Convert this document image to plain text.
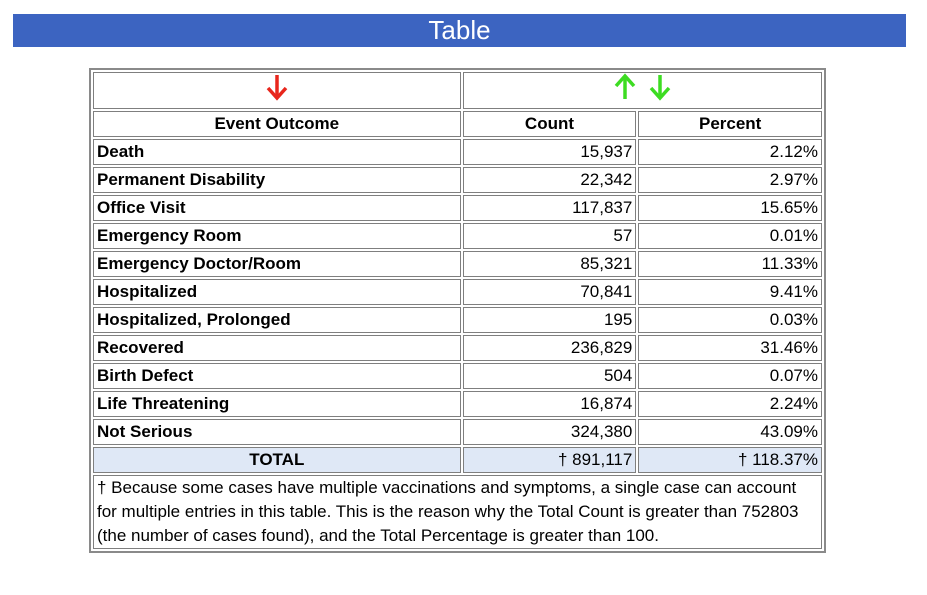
Table

Event Outcome	Count	Percent
Death	15,937	2.12%
Permanent Disability	22,342	2.97%
Office Visit	117,837	15.65%
Emergency Room	57	0.01%
Emergency Doctor/Room	85,321	11.33%
Hospitalized	70,841	9.41%
Hospitalized, Prolonged	195	0.03%
Recovered	236,829	31.46%
Birth Defect	504	0.07%
Life Threatening	16,874	2.24%
Not Serious	324,380	43.09%
TOTAL	† 891,117	† 118.37%
† Because some cases have multiple vaccinations and symptoms, a single case can account for multiple entries in this table. This is the reason why the Total Count is greater than 752803 (the number of cases found), and the Total Percentage is greater than 100.		
